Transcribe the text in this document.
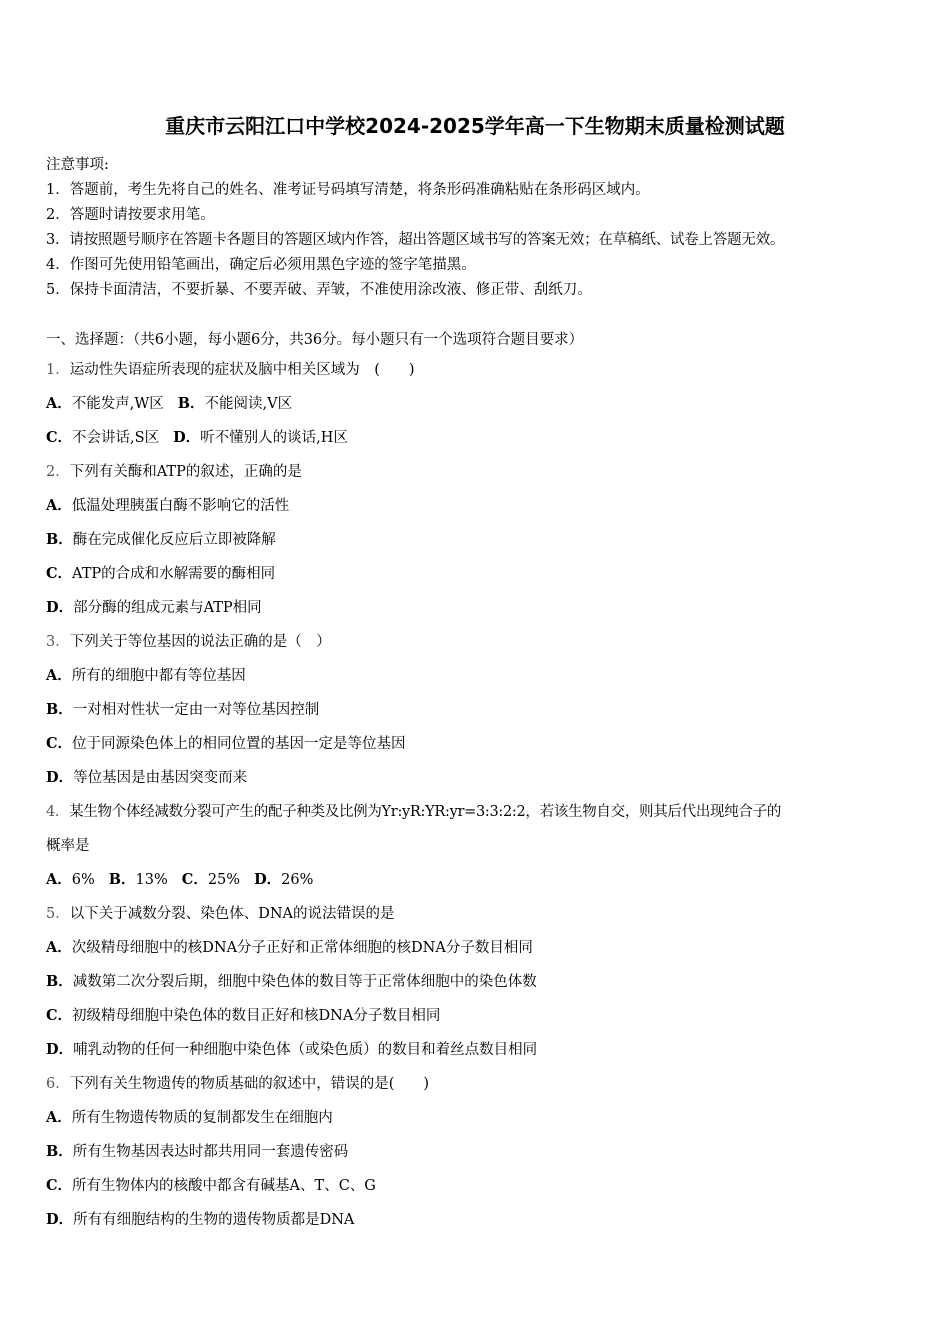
重庆市云阳江口中学校2024-2025学年高一下生物期末质量检测试题
注意事项:
1．答题前，考生先将自己的姓名、准考证号码填写清楚，将条形码准确粘贴在条形码区域内。
2．答题时请按要求用笔。
3．请按照题号顺序在答题卡各题目的答题区域内作答，超出答题区域书写的答案无效；在草稿纸、试卷上答题无效。
4．作图可先使用铅笔画出，确定后必须用黑色字迹的签字笔描黑。
5．保持卡面清洁，不要折暴、不要弄破、弄皱，不准使用涂改液、修正带、刮纸刀。
一、选择题：（共6小题，每小题6分，共36分。每小题只有一个选项符合题目要求）
1．运动性失语症所表现的症状及脑中相关区域为　(　　)
A．不能发声,W区 B．不能阅读,V区
C．不会讲话,S区 D．听不懂别人的谈话,H区
2．下列有关酶和ATP的叙述，正确的是
A．低温处理胰蛋白酶不影响它的活性
B．酶在完成催化反应后立即被降解
C．ATP的合成和水解需要的酶相同
D．部分酶的组成元素与ATP相同
3．下列关于等位基因的说法正确的是（　）
A．所有的细胞中都有等位基因
B．一对相对性状一定由一对等位基因控制
C．位于同源染色体上的相同位置的基因一定是等位基因
D．等位基因是由基因突变而来
4．某生物个体经减数分裂可产生的配子种类及比例为Yr:yR:YR:yr=3:3:2:2，若该生物自交，则其后代出现纯合子的
概率是
A．6% B．13% C．25% D．26%
5．以下关于减数分裂、染色体、DNA的说法错误的是
A．次级精母细胞中的核DNA分子正好和正常体细胞的核DNA分子数目相同
B．减数第二次分裂后期，细胞中染色体的数目等于正常体细胞中的染色体数
C．初级精母细胞中染色体的数目正好和核DNA分子数目相同
D．哺乳动物的任何一种细胞中染色体（或染色质）的数目和着丝点数目相同
6．下列有关生物遗传的物质基础的叙述中，错误的是(　　)
A．所有生物遗传物质的复制都发生在细胞内
B．所有生物基因表达时都共用同一套遗传密码
C．所有生物体内的核酸中都含有碱基A、T、C、G
D．所有有细胞结构的生物的遗传物质都是DNA
